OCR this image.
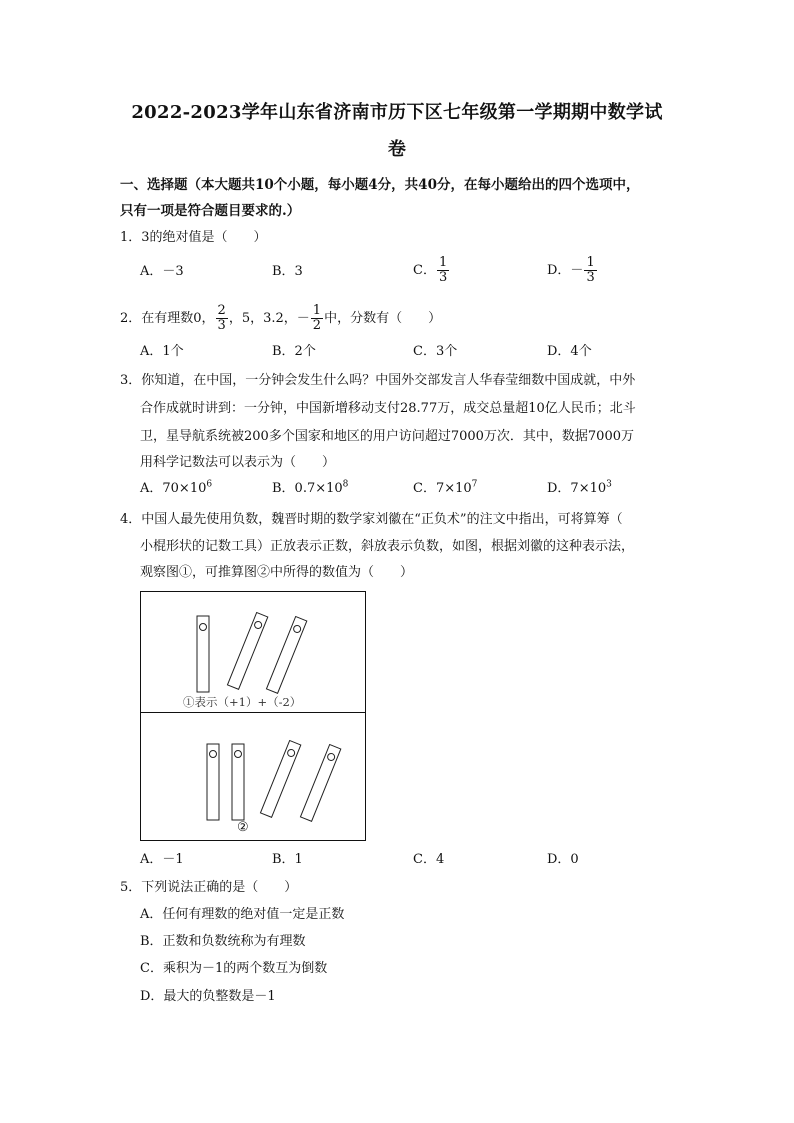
2022-2023学年山东省济南市历下区七年级第一学期期中数学试
卷
一、选择题（本大题共10个小题，每小题4分，共40分，在每小题给出的四个选项中，
只有一项是符合题目要求的.）
1．3的绝对值是（　　）
A．－3	B．3	C． $\frac{1}{3}$	D．－ $\frac{1}{3}$
2．在有理数0， $\frac{2}{3}$ ，5，3.2，－ $\frac{1}{2}$ 中，分数有（　　）
A．1个	B．2个	C．3个	D．4个
3．你知道，在中国，一分钟会发生什么吗？中国外交部发言人华春莹细数中国成就，中外
合作成就时讲到：一分钟，中国新增移动支付28.77万，成交总量超10亿人民币；北斗
卫，星导航系统被200多个国家和地区的用户访问超过7000万次．其中，数据7000万
用科学记数法可以表示为（　　）
A．$70\times 10^6$	B．$0.7\times 10^8$	C．$7\times 10^7$	D．$7\times 10^3$
4．中国人最先使用负数，魏晋时期的数学家刘徽在“正负术”的注文中指出，可将算筹（
小棍形状的记数工具）正放表示正数，斜放表示负数，如图，根据刘徽的这种表示法，
观察图①，可推算图②中所得的数值为（　　）
①表示（+1）+（-2）
②
A．－1	B．1	C．4	D．0
5．下列说法正确的是（　　）
A．任何有理数的绝对值一定是正数
B．正数和负数统称为有理数
C．乘积为－1的两个数互为倒数
D．最大的负整数是－1
